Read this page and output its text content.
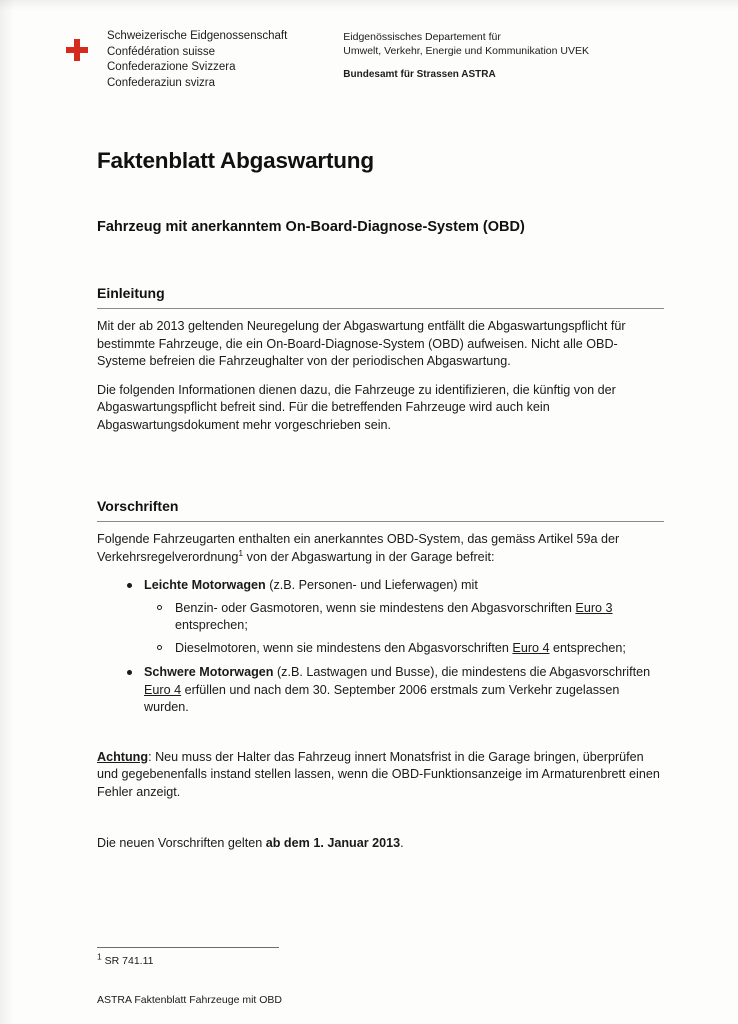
Schweizerische Eidgenossenschaft
Confédération suisse
Confederazione Svizzera
Confederaziun svizra
Eidgenössisches Departement für
Umwelt, Verkehr, Energie und Kommunikation UVEK
Bundesamt für Strassen ASTRA
Faktenblatt Abgaswartung
Fahrzeug mit anerkanntem On-Board-Diagnose-System (OBD)
Einleitung

Mit der ab 2013 geltenden Neuregelung der Abgaswartung entfällt die Abgaswartungspflicht für bestimmte Fahrzeuge, die ein On-Board-Diagnose-System (OBD) aufweisen. Nicht alle OBD-Systeme befreien die Fahrzeughalter von der periodischen Abgaswartung.

Die folgenden Informationen dienen dazu, die Fahrzeuge zu identifizieren, die künftig von der Abgaswartungspflicht befreit sind. Für die betreffenden Fahrzeuge wird auch kein Abgaswartungsdokument mehr vorgeschrieben sein.

Vorschriften

Folgende Fahrzeugarten enthalten ein anerkanntes OBD-System, das gemäss Artikel 59a der Verkehrsregelverordnung$^1$ von der Abgaswartung in der Garage befreit:

Leichte Motorwagen (z.B. Personen- und Lieferwagen) mit
Benzin- oder Gasmotoren, wenn sie mindestens den Abgasvorschriften Euro 3 entsprechen;
Dieselmotoren, wenn sie mindestens den Abgasvorschriften Euro 4 entsprechen;
Schwere Motorwagen (z.B. Lastwagen und Busse), die mindestens die Abgasvorschriften Euro 4 erfüllen und nach dem 30. September 2006 erstmals zum Verkehr zugelassen wurden.

Achtung: Neu muss der Halter das Fahrzeug innert Monatsfrist in die Garage bringen, überprüfen und gegebenenfalls instand stellen lassen, wenn die OBD-Funktionsanzeige im Armaturenbrett einen Fehler anzeigt.

Die neuen Vorschriften gelten ab dem 1. Januar 2013.

$^1$ SR 741.11

ASTRA Faktenblatt Fahrzeuge mit OBD
